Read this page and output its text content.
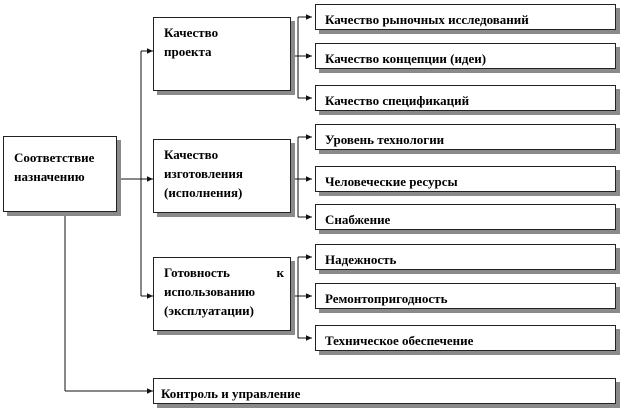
Соответствие
назначению
Качество
проекта
Качество
изготовления
(исполнения)
Готовность	к
использованию
(эксплуатации)
Качество рыночных исследований
Качество концепции (идеи)
Качество спецификаций
Уровень технологии
Человеческие ресурсы
Снабжение
Надежность
Ремонтопригодность
Техническое обеспечение
Контроль и управление
